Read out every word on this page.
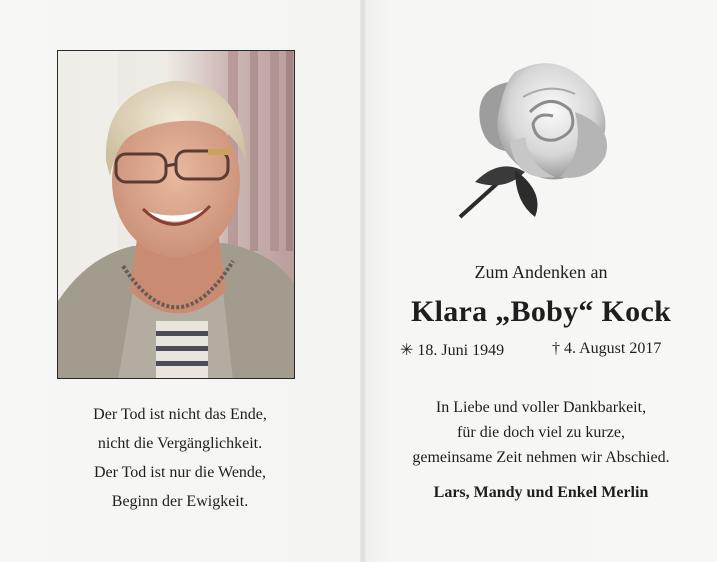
Der Tod ist nicht das Ende,
nicht die Vergänglichkeit.
Der Tod ist nur die Wende,
Beginn der Ewigkeit.
Zum Andenken an
Klara „Boby“ Kock
✳ 18. Juni 1949	† 4. August 2017
In Liebe und voller Dankbarkeit,
für die doch viel zu kurze,
gemeinsame Zeit nehmen wir Abschied.
Lars, Mandy und Enkel Merlin
